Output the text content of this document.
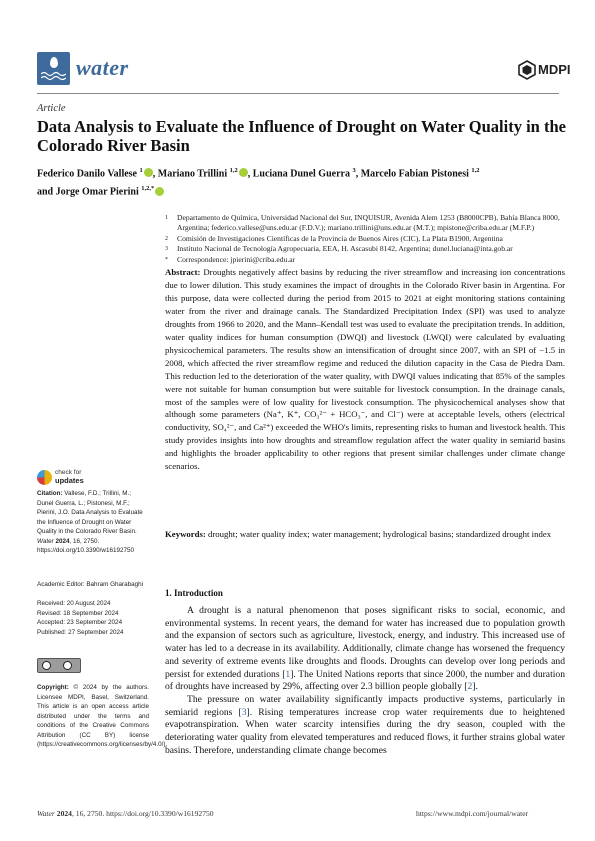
water	MDPI
Article
Data Analysis to Evaluate the Influence of Drought on Water Quality in the Colorado River Basin
Federico Danilo Vallese $^1$ , Mariano Trillini $^{1,2}$ , Luciana Dunel Guerra $^3$, Marcelo Fabian Pistonesi $^{1,2}$
and Jorge Omar Pierini $^{1,2,*}$
1	Departamento de Química, Universidad Nacional del Sur, INQUISUR, Avenida Alem 1253 (B8000CPB), Bahía Blanca 8000, Argentina; federico.vallese@uns.edu.ar (F.D.V.); mariano.trillini@uns.edu.ar (M.T.); mpistone@criba.edu.ar (M.F.P.)
2	Comisión de Investigaciones Científicas de la Provincia de Buenos Aires (CIC), La Plata B1900, Argentina
3	Instituto Nacional de Tecnología Agropecuaria, EEA, H. Ascasubi 8142, Argentina; dunel.luciana@inta.gob.ar
*	Correspondence: jpierini@criba.edu.ar
Abstract: Droughts negatively affect basins by reducing the river streamflow and increasing ion concentrations due to lower dilution. This study examines the impact of droughts in the Colorado River basin in Argentina. For this purpose, data were collected during the period from 2015 to 2021 at eight monitoring stations containing water from the river and drainage canals. The Standardized Precipitation Index (SPI) was used to analyze droughts from 1966 to 2020, and the Mann–Kendall test was used to evaluate the precipitation trends. In addition, water quality indices for human consumption (DWQI) and livestock (LWQI) were calculated by evaluating physicochemical parameters. The results show an intensification of drought since 2007, with an SPI of −1.5 in 2008, which affected the river streamflow regime and reduced the dilution capacity in the Casa de Piedra Dam. This reduction led to the deterioration of the water quality, with DWQI values indicating that 85% of the samples were not suitable for human consumption but were suitable for livestock consumption. In the drainage canals, most of the samples were of low quality for livestock consumption. The physicochemical analyses show that although some parameters (Na⁺, K⁺, CO₃²⁻ + HCO₃⁻, and Cl⁻) were at acceptable levels, others (electrical conductivity, SO₄²⁻, and Ca²⁺) exceeded the WHO's limits, representing risks to human and livestock health. This study provides insights into how droughts and streamflow regulation affect the water quality in semiarid basins and highlights the broader applicability to other regions that present similar challenges under climate change scenarios.
Keywords: drought; water quality index; water management; hydrological basins; standardized drought index
1. Introduction

A drought is a natural phenomenon that poses significant risks to social, economic, and environmental systems. In recent years, the demand for water has increased due to population growth and the expansion of sectors such as agriculture, livestock, energy, and industry. This increased use of water has led to a decrease in its availability. Additionally, climate change has worsened the frequency and severity of extreme events like droughts and floods. Droughts can develop over long periods and persist for extended durations [1]. The United Nations reports that since 2000, the number and duration of droughts have increased by 29%, affecting over 2.3 billion people globally [2].

The pressure on water availability significantly impacts productive systems, particularly in semiarid regions [3]. Rising temperatures increase crop water requirements due to heightened evapotranspiration. When water scarcity intensifies during the dry season, coupled with the deteriorating water quality from elevated temperatures and reduced flows, it further strains global water basins. Therefore, understanding climate change becomes

check for
updates
Citation: Vallese, F.D.; Trillini, M.; Dunel Guerra, L.; Pistonesi, M.F.; Pierini, J.O. Data Analysis to Evaluate the Influence of Drought on Water Quality in the Colorado River Basin. Water 2024, 16, 2750. https://doi.org/10.3390/w16192750
Academic Editor: Bahram Gharabaghi
Received: 20 August 2024
Revised: 18 September 2024
Accepted: 23 September 2024
Published: 27 September 2024
Copyright: © 2024 by the authors. Licensee MDPI, Basel, Switzerland. This article is an open access article distributed under the terms and conditions of the Creative Commons Attribution (CC BY) license (https://creativecommons.org/licenses/by/4.0/).
Water 2024, 16, 2750. https://doi.org/10.3390/w16192750	https://www.mdpi.com/journal/water
